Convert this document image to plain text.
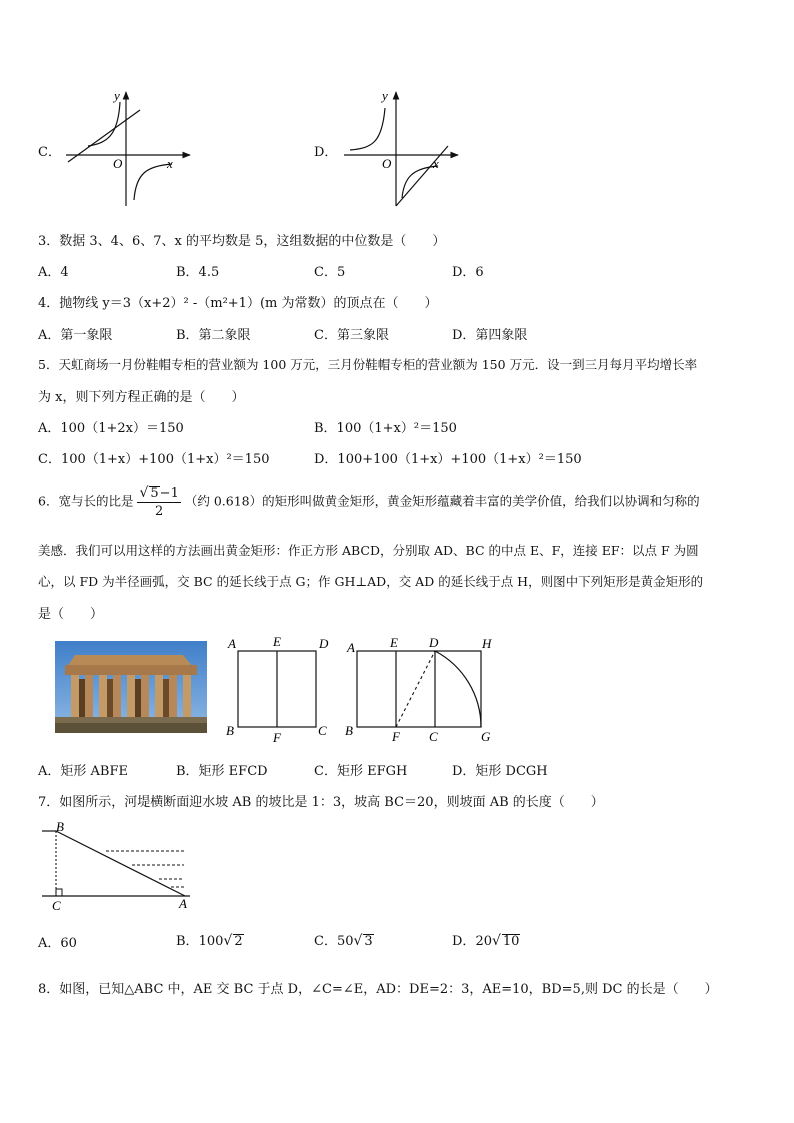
C．
y
x
O
D．
y
x
O
3．数据 3、4、6、7、x 的平均数是 5，这组数据的中位数是（　　）
A．4	B．4.5	C．5	D．6
4．抛物线 y＝3（x+2）² -（m²+1）(m 为常数）的顶点在（　　）
A．第一象限	B．第二象限	C．第三象限	D．第四象限
5．天虹商场一月份鞋帽专柜的营业额为 100 万元，三月份鞋帽专柜的营业额为 150 万元．设一到三月每月平均增长率
为 x，则下列方程正确的是（　　）
A．100（1+2x）＝150	B．100（1+x）²＝150
C．100（1+x）+100（1+x）²＝150	D．100+100（1+x）+100（1+x）²＝150
6．宽与长的比是 $\frac{√ 5-1}{2}$ （约 0.618）的矩形叫做黄金矩形，黄金矩形蕴藏着丰富的美学价值，给我们以协调和匀称的
美感．我们可以用这样的方法画出黄金矩形：作正方形 ABCD，分别取 AD、BC 的中点 E、F，连接 EF：以点 F 为圆
心，以 FD 为半径画弧，交 BC 的延长线于点 G；作 GH⊥AD，交 AD 的延长线于点 H，则图中下列矩形是黄金矩形的
是（　　）
A	E	D
B	F	C
A	E D	H
B	F C	G
A．矩形 ABFE	B．矩形 EFCD	C．矩形 EFGH	D．矩形 DCGH
7．如图所示，河堤横断面迎水坡 AB 的坡比是 1：3，坡高 BC＝20，则坡面 AB 的长度（　　）
B
C	A
A．60	B．100√ 2	C．50√ 3	D．20√ 10
8．如图，已知△ABC 中，AE 交 BC 于点 D，∠C=∠E，AD：DE=2：3，AE=10，BD=5,则 DC 的长是（　　）
